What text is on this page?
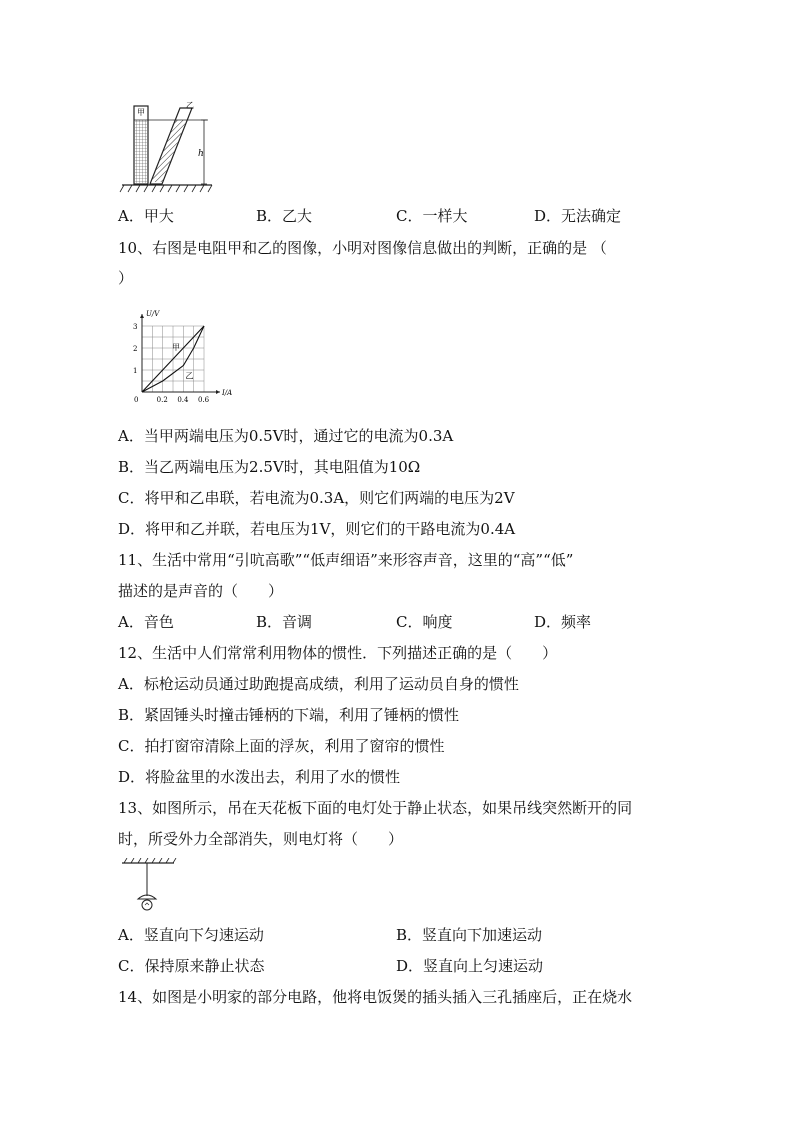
h
甲
乙
A．甲大	B．乙大	C．一样大	D．无法确定
10、右图是电阻甲和乙的图像，小明对图像信息做出的判断，正确的是 （
）
0.2 0.4 0.6
1
2
3
0
I/A
U/V
甲
乙
A．当甲两端电压为0.5V时，通过它的电流为0.3A
B．当乙两端电压为2.5V时，其电阻值为10Ω
C．将甲和乙串联，若电流为0.3A，则它们两端的电压为2V
D．将甲和乙并联，若电压为1V，则它们的干路电流为0.4A
11、生活中常用“引吭高歌”“低声细语”来形容声音，这里的“高”“低”
描述的是声音的（　　）
A．音色	B．音调	C．响度	D．频率
12、生活中人们常常利用物体的惯性．下列描述正确的是（　　）
A．标枪运动员通过助跑提高成绩，利用了运动员自身的惯性
B．紧固锤头时撞击锤柄的下端，利用了锤柄的惯性
C．拍打窗帘清除上面的浮灰，利用了窗帘的惯性
D．将脸盆里的水泼出去，利用了水的惯性
13、如图所示，吊在天花板下面的电灯处于静止状态，如果吊线突然断开的同
时，所受外力全部消失，则电灯将（　　）
A．竖直向下匀速运动	B．竖直向下加速运动
C．保持原来静止状态	D．竖直向上匀速运动
14、如图是小明家的部分电路，他将电饭煲的插头插入三孔插座后，正在烧水
